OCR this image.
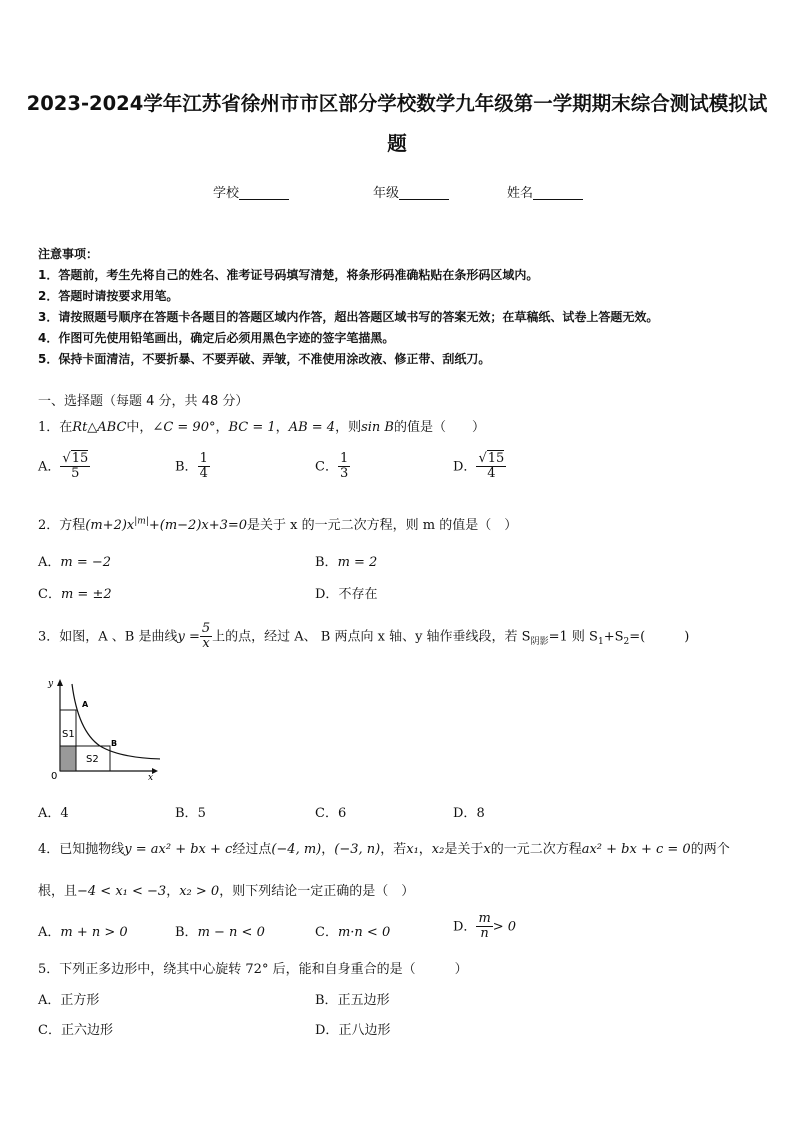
2023-2024学年江苏省徐州市市区部分学校数学九年级第一学期期末综合测试模拟试
题
学校	年级	姓名
注意事项：
1．答题前，考生先将自己的姓名、准考证号码填写清楚，将条形码准确粘贴在条形码区域内。
2．答题时请按要求用笔。
3．请按照题号顺序在答题卡各题目的答题区域内作答，超出答题区域书写的答案无效；在草稿纸、试卷上答题无效。
4．作图可先使用铅笔画出，确定后必须用黑色字迹的签字笔描黑。
5．保持卡面清洁，不要折暴、不要弄破、弄皱，不准使用涂改液、修正带、刮纸刀。
一、选择题（每题 4 分，共 48 分）
1．在Rt△ABC中，∠C = 90°，BC = 1，AB = 4，则sin B的值是（　　）
A． $\frac{√15}{5}$	B． $\frac{1}{4}$	C． $\frac{1}{3}$	D． $\frac{√15}{4}$
2．方程$(m+2)x^{|m|}+(m-2)x+3=0$是关于 x 的一元二次方程，则 m 的值是（　）
A．m = −2	B．m = 2
C．m = ±2	D．不存在
3．如图，A 、B 是曲线$y = \frac{5}{x}$ 上的点，经过 A、 B 两点向 x 轴、y 轴作垂线段，若 $S_{阴影}=1$ 则 $S_1+S_2=$(　　　)
y
x
0
A
B
S1
S2
A．4	B．5	C．6	D．8
4．已知抛物线y = ax² + bx + c经过点(−4, m)，(−3, n)，若x₁，x₂是关于x的一元二次方程ax² + bx + c = 0的两个
根，且−4 < x₁ < −3，x₂ > 0，则下列结论一定正确的是（　）
A．m + n > 0	B．m − n < 0	C．m·n < 0	D． $\frac{m}{n} > 0$
5．下列正多边形中，绕其中心旋转 72° 后，能和自身重合的是（　　　）
A．正方形	B．正五边形
C．正六边形	D．正八边形
